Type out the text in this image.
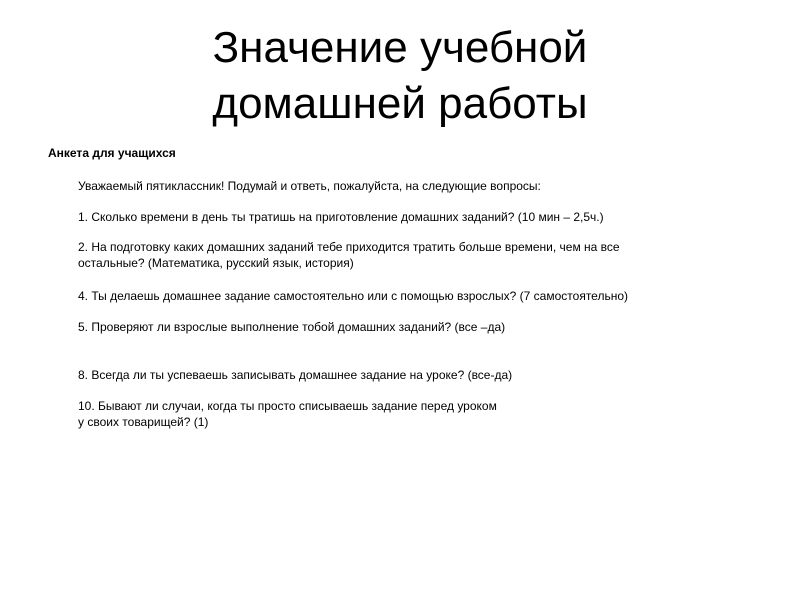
Значение учебной
домашней работы

Анкета для учащихся

Уважаемый пятиклассник! Подумай и ответь, пожалуйста, на следующие вопросы:

1. Сколько времени в день ты тратишь на приготовление домашних заданий? (10 мин – 2,5ч.)

2. На подготовку каких домашних заданий тебе приходится тратить больше времени, чем на все
остальные? (Математика, русский язык, история)

4. Ты делаешь домашнее задание самостоятельно или с помощью взрослых? (7 самостоятельно)

5. Проверяют ли взрослые выполнение тобой домашних заданий? (все –да)

8. Всегда ли ты успеваешь записывать домашнее задание на уроке? (все-да)

10. Бывают ли случаи, когда ты просто списываешь задание перед уроком
у своих товарищей? (1)
